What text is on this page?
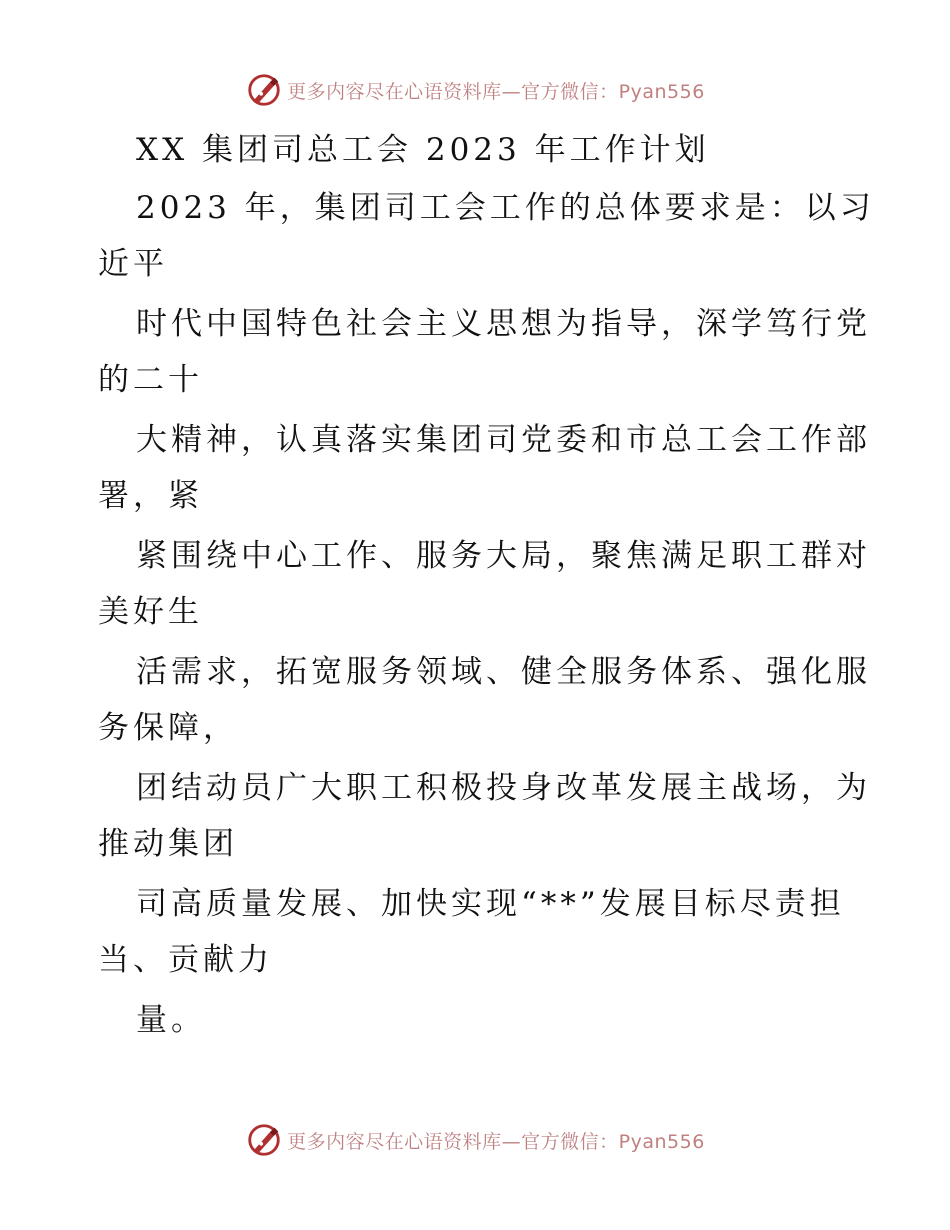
更多内容尽在心语资料库—官方微信：Pyan556
XX 集团司总工会 2023 年工作计划
2023 年，集团司工会工作的总体要求是：以习
近平
时代中国特色社会主义思想为指导，深学笃行党
的二十
大精神，认真落实集团司党委和市总工会工作部
署，紧
紧围绕中心工作、服务大局，聚焦满足职工群对
美好生
活需求，拓宽服务领域、健全服务体系、强化服
务保障，
团结动员广大职工积极投身改革发展主战场，为
推动集团
司高质量发展、加快实现“**”发展目标尽责担
当、贡献力
量。
更多内容尽在心语资料库—官方微信：Pyan556
